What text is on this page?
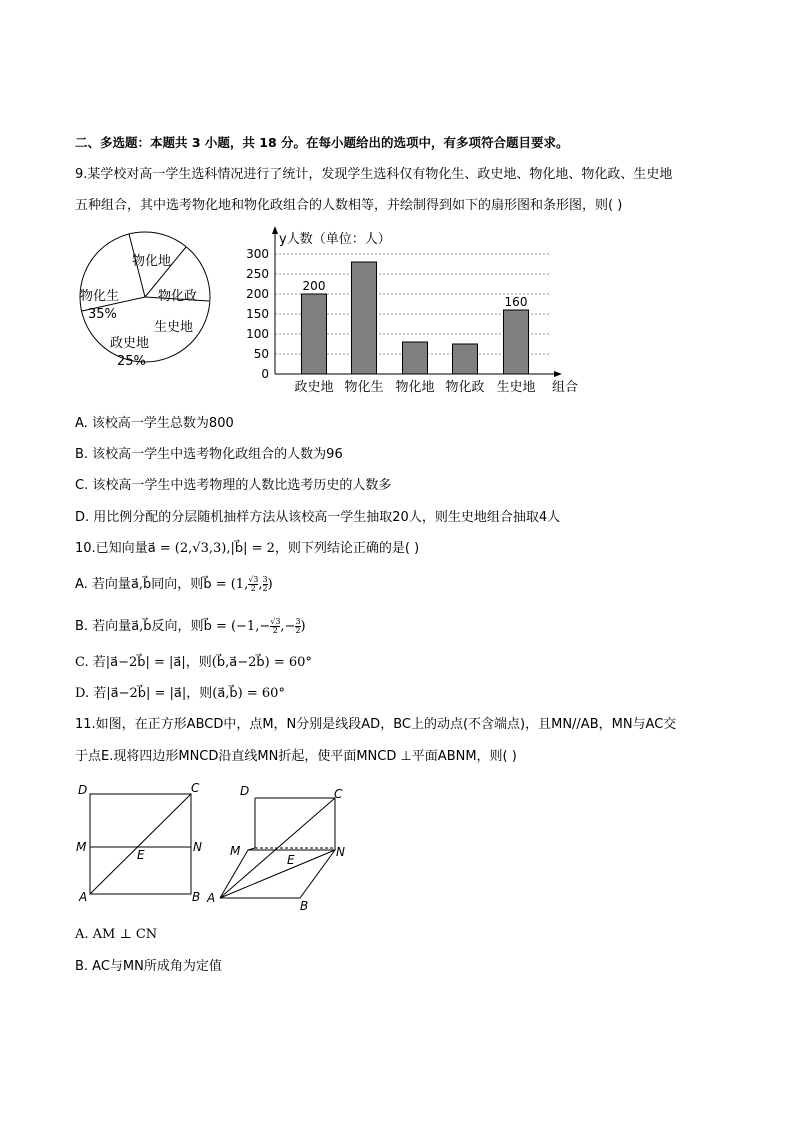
二、多选题：本题共 3 小题，共 18 分。在每小题给出的选项中，有多项符合题目要求。
9.某学校对高一学生选科情况进行了统计，发现学生选科仅有物化生、政史地、物化地、物化政、生史地
五种组合，其中选考物化地和物化政组合的人数相等，并绘制得到如下的扇形图和条形图，则( )
物化地
物化政
生史地
政史地
25%
物化生
35%
0
50
100
150
200
250
300
政史地
200
物化生 物化地 物化政 生史地
160
y人数（单位：人）
组合
A. 该校高一学生总数为800
B. 该校高一学生中选考物化政组合的人数为96
C. 该校高一学生中选考物理的人数比选考历史的人数多
D. 用比例分配的分层随机抽样方法从该校高一学生抽取20人，则生史地组合抽取4人
10.已知向量a⃗ = (2,√3,3),|b⃗| = 2，则下列结论正确的是( )
A. 若向量a⃗,b⃗同向，则b⃗ = (1, $\frac{√3}{2}$ , $\frac{3}{2}$ )
B. 若向量a⃗,b⃗反向，则b⃗ = ($-1,- \frac{√3}{2}$ ,− $\frac{3}{2}$ )
C. 若|a⃗−2b⃗| = |a⃗|，则(b⃗,a⃗−2b⃗) = 60°
D. 若|a⃗−2b⃗| = |a⃗|，则(a⃗,b⃗) = 60°
11.如图，在正方形ABCD中，点M，N分别是线段AD，BC上的动点(不含端点)，且MN//AB，MN与AC交
于点E.现将四边形MNCD沿直线MN折起，使平面MNCD ⊥平面ABNM，则( )
D	C
M	N
E
A	B
D	C
M	N
E
A
B
A. AM ⊥ CN
B. AC与MN所成角为定值
